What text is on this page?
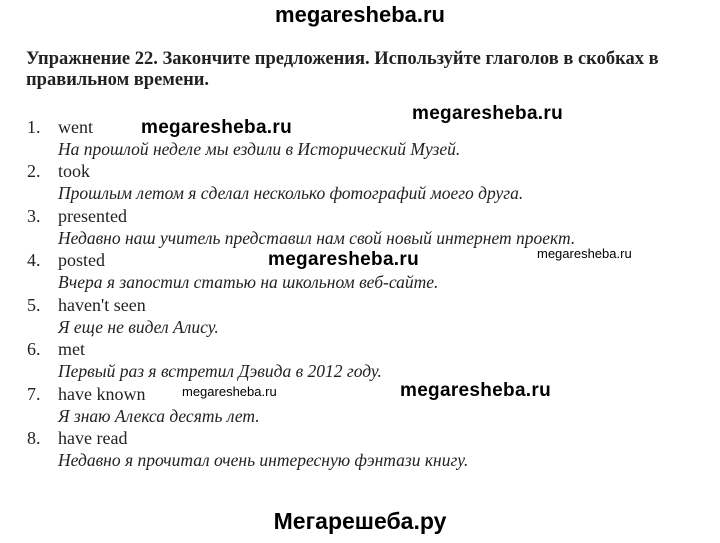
megaresheba.ru
Упражнение 22. Закончите предложения. Используйте глаголов в скобках в правильном времени.
1. went
На прошлой неделе мы ездили в Исторический Музей.
2. took
Прошлым летом я сделал несколько фотографий моего друга.
3. presented
Недавно наш учитель представил нам свой новый интернет проект.
4. posted
Вчера я запостил статью на школьном веб-сайте.
5. haven't seen
Я еще не видел Алису.
6. met
Первый раз я встретил Дэвида в 2012 году.
7. have known
Я знаю Алекса десять лет.
8. have read
Недавно я прочитал очень интересную фэнтази книгу.
megaresheba.ru
megaresheba.ru
megaresheba.ru	megaresheba.ru
megaresheba.ru	megaresheba.ru
Мегарешеба.ру
